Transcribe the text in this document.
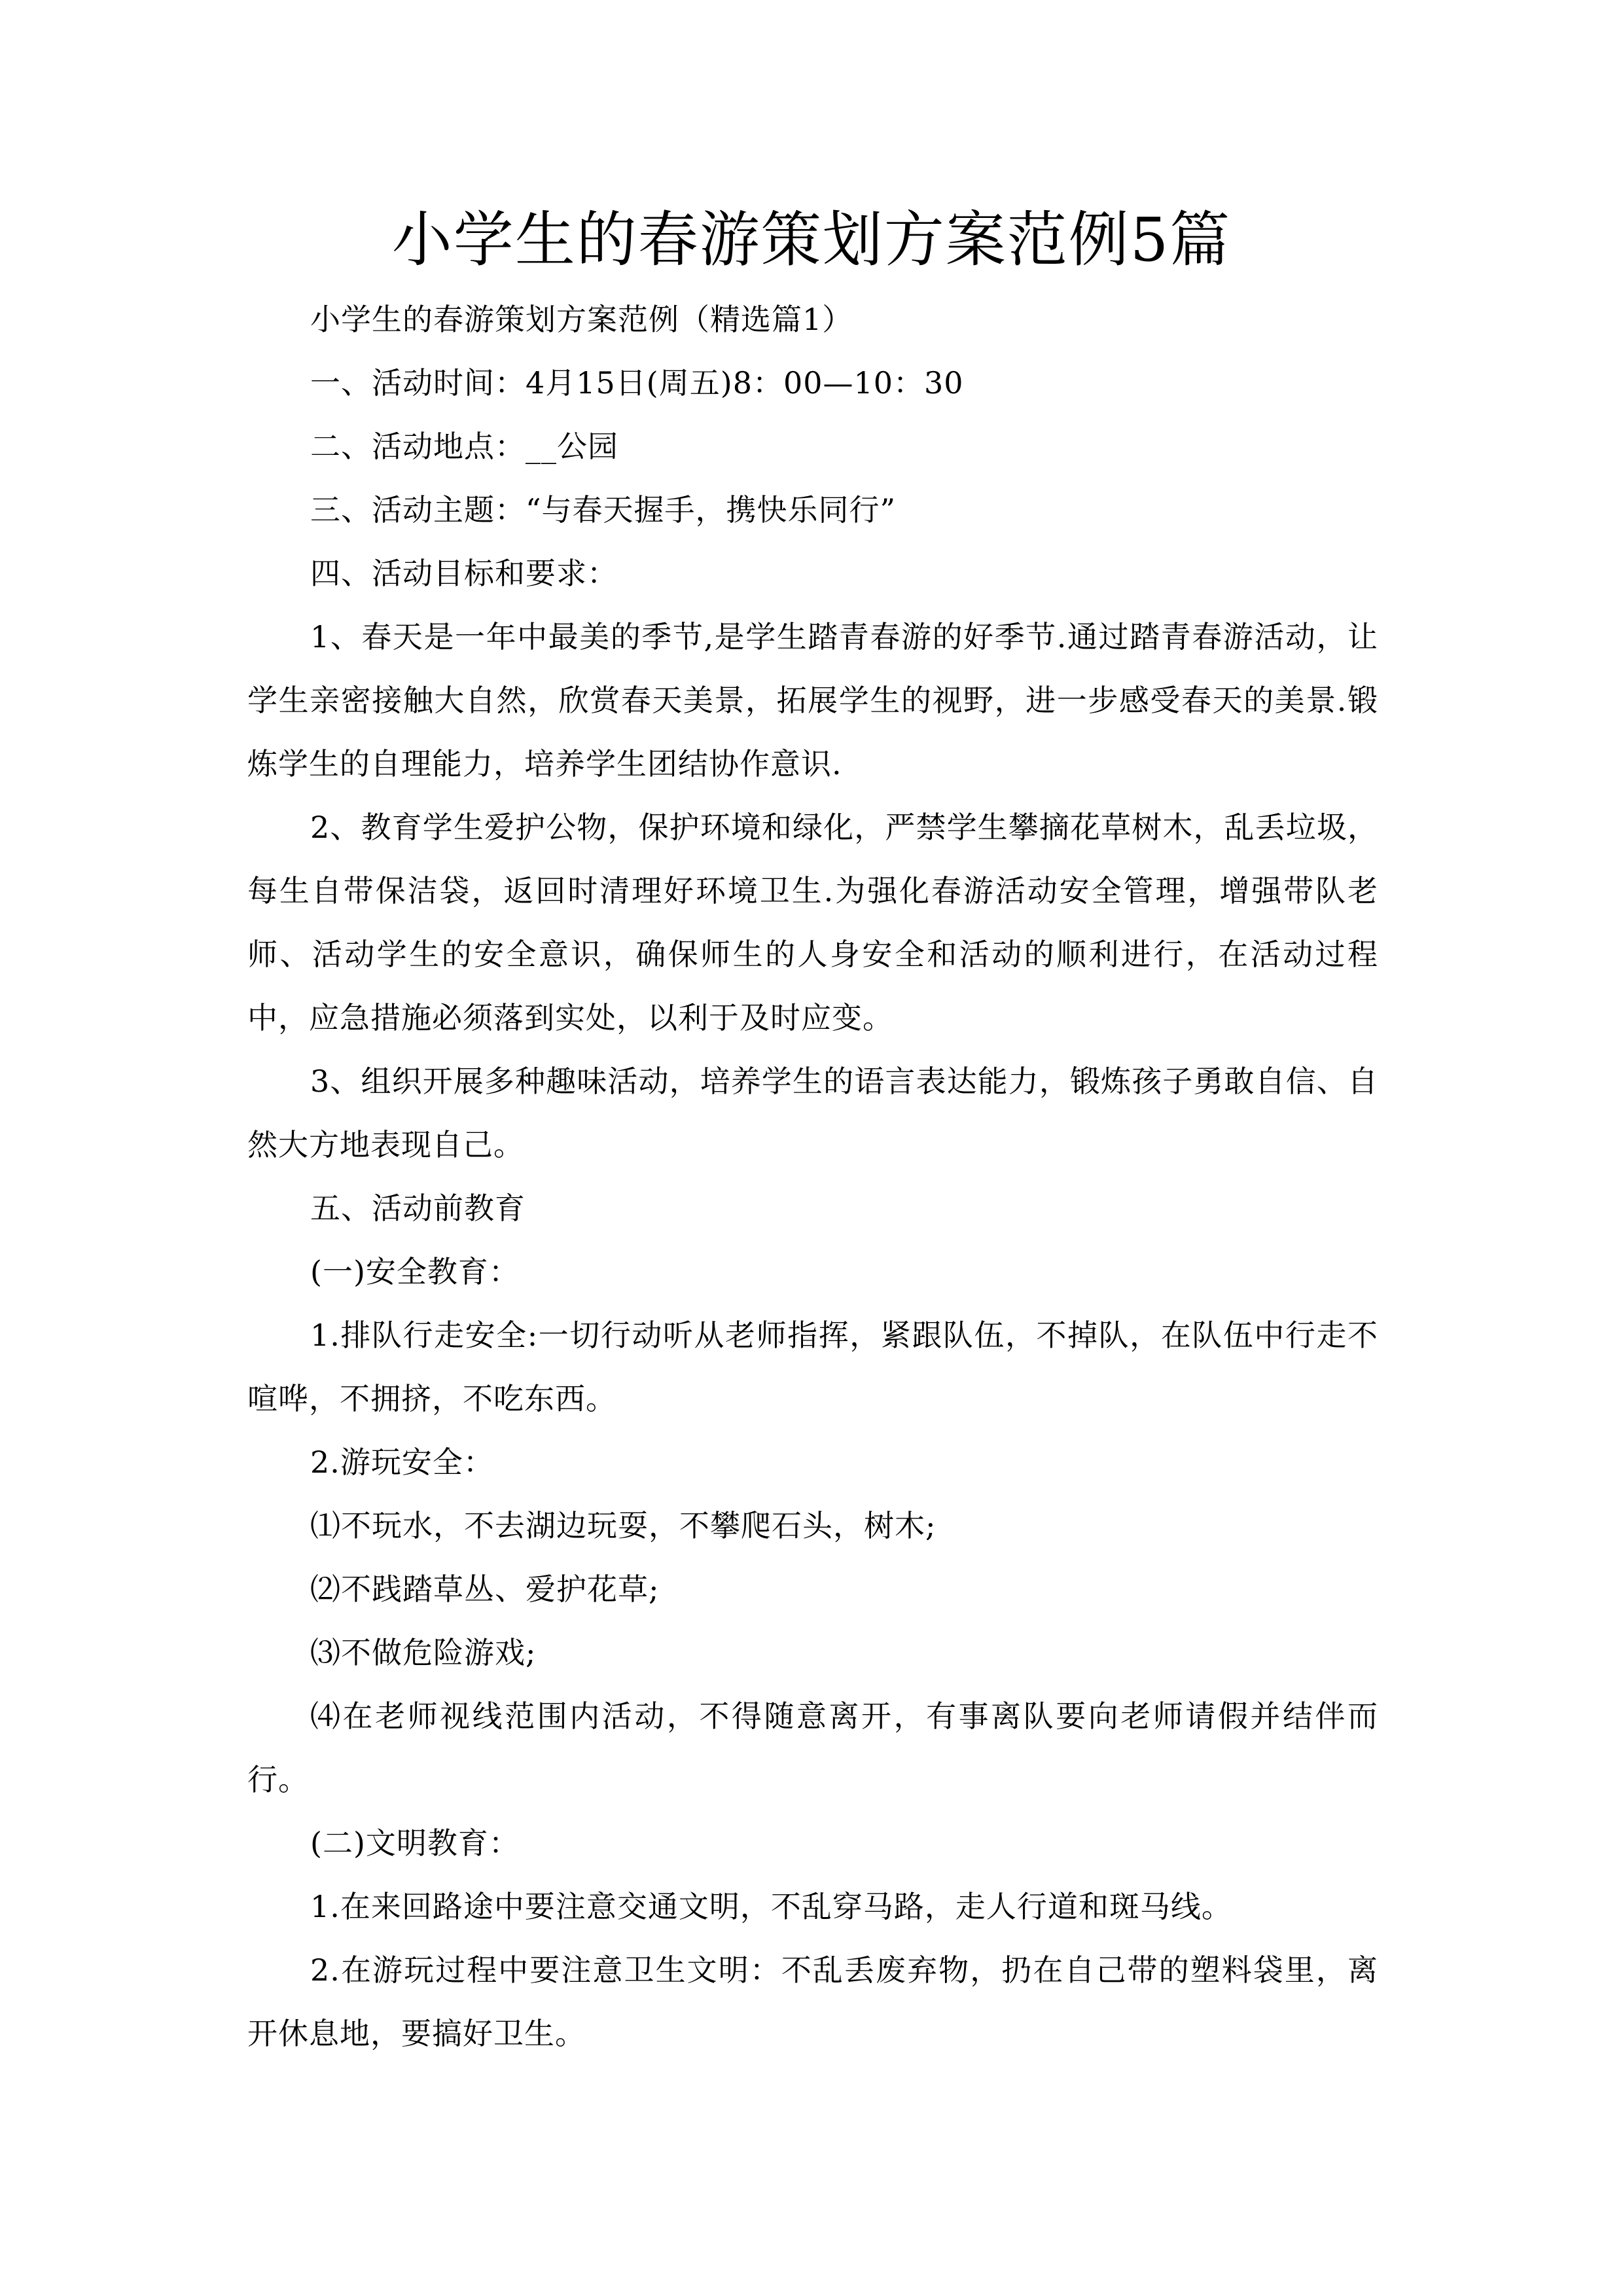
小学生的春游策划方案范例5篇

小学生的春游策划方案范例（精选篇1）

一、活动时间：4月15日(周五)8：00—10：30

二、活动地点：__公园

三、活动主题：“与春天握手，携快乐同行”

四、活动目标和要求：

1、春天是一年中最美的季节,是学生踏青春游的好季节.通过踏青春游活动，让学生亲密接触大自然，欣赏春天美景，拓展学生的视野，进一步感受春天的美景.锻炼学生的自理能力，培养学生团结协作意识.

2、教育学生爱护公物，保护环境和绿化，严禁学生攀摘花草树木，乱丢垃圾，每生自带保洁袋，返回时清理好环境卫生.为强化春游活动安全管理，增强带队老师、活动学生的安全意识，确保师生的人身安全和活动的顺利进行，在活动过程中，应急措施必须落到实处，以利于及时应变。

3、组织开展多种趣味活动，培养学生的语言表达能力，锻炼孩子勇敢自信、自然大方地表现自己。

五、活动前教育

(一)安全教育：

1.排队行走安全:一切行动听从老师指挥，紧跟队伍，不掉队，在队伍中行走不喧哗，不拥挤，不吃东西。

2.游玩安全：

⑴不玩水，不去湖边玩耍，不攀爬石头，树木;

⑵不践踏草丛、爱护花草;

⑶不做危险游戏;

⑷在老师视线范围内活动，不得随意离开，有事离队要向老师请假并结伴而行。

(二)文明教育：

1.在来回路途中要注意交通文明，不乱穿马路，走人行道和斑马线。

2.在游玩过程中要注意卫生文明：不乱丢废弃物，扔在自己带的塑料袋里，离开休息地，要搞好卫生。
